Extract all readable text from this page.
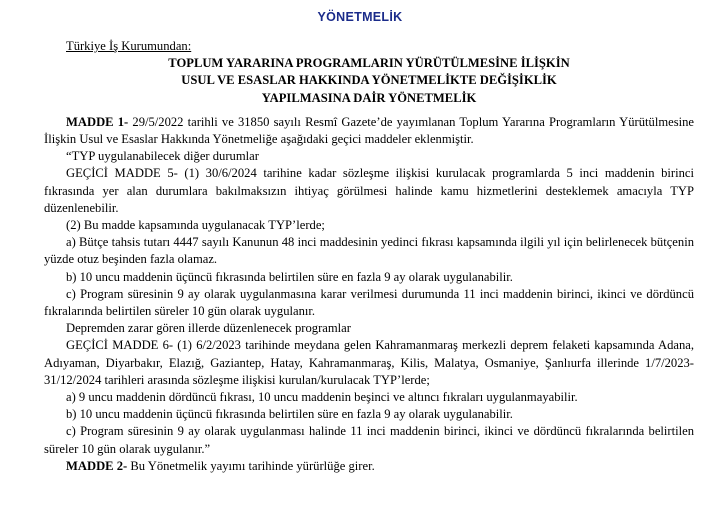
YÖNETMELİK
Türkiye İş Kurumundan:
TOPLUM YARARINA PROGRAMLARIN YÜRÜTÜLMESİNE İLİŞKİN
USUL VE ESASLAR HAKKINDA YÖNETMELİKTE DEĞİŞİKLİK
YAPILMASINA DAİR YÖNETMELİK

MADDE 1- 29/5/2022 tarihli ve 31850 sayılı Resmî Gazete’de yayımlanan Toplum Yararına Programların Yürütülmesine İlişkin Usul ve Esaslar Hakkında Yönetmeliğe aşağıdaki geçici maddeler eklenmiştir.

“TYP uygulanabilecek diğer durumlar

GEÇİCİ MADDE 5- (1) 30/6/2024 tarihine kadar sözleşme ilişkisi kurulacak programlarda 5 inci maddenin birinci fıkrasında yer alan durumlara bakılmaksızın ihtiyaç görülmesi halinde kamu hizmetlerini desteklemek amacıyla TYP düzenlenebilir.

(2) Bu madde kapsamında uygulanacak TYP’lerde;

a) Bütçe tahsis tutarı 4447 sayılı Kanunun 48 inci maddesinin yedinci fıkrası kapsamında ilgili yıl için belirlenecek bütçenin yüzde otuz beşinden fazla olamaz.

b) 10 uncu maddenin üçüncü fıkrasında belirtilen süre en fazla 9 ay olarak uygulanabilir.

c) Program süresinin 9 ay olarak uygulanmasına karar verilmesi durumunda 11 inci maddenin birinci, ikinci ve dördüncü fıkralarında belirtilen süreler 10 gün olarak uygulanır.

Depremden zarar gören illerde düzenlenecek programlar

GEÇİCİ MADDE 6- (1) 6/2/2023 tarihinde meydana gelen Kahramanmaraş merkezli deprem felaketi kapsamında Adana, Adıyaman, Diyarbakır, Elazığ, Gaziantep, Hatay, Kahramanmaraş, Kilis, Malatya, Osmaniye, Şanlıurfa illerinde 1/7/2023-31/12/2024 tarihleri arasında sözleşme ilişkisi kurulan/kurulacak TYP’lerde;

a) 9 uncu maddenin dördüncü fıkrası, 10 uncu maddenin beşinci ve altıncı fıkraları uygulanmayabilir.

b) 10 uncu maddenin üçüncü fıkrasında belirtilen süre en fazla 9 ay olarak uygulanabilir.

c) Program süresinin 9 ay olarak uygulanması halinde 11 inci maddenin birinci, ikinci ve dördüncü fıkralarında belirtilen süreler 10 gün olarak uygulanır.”

MADDE 2- Bu Yönetmelik yayımı tarihinde yürürlüğe girer.
